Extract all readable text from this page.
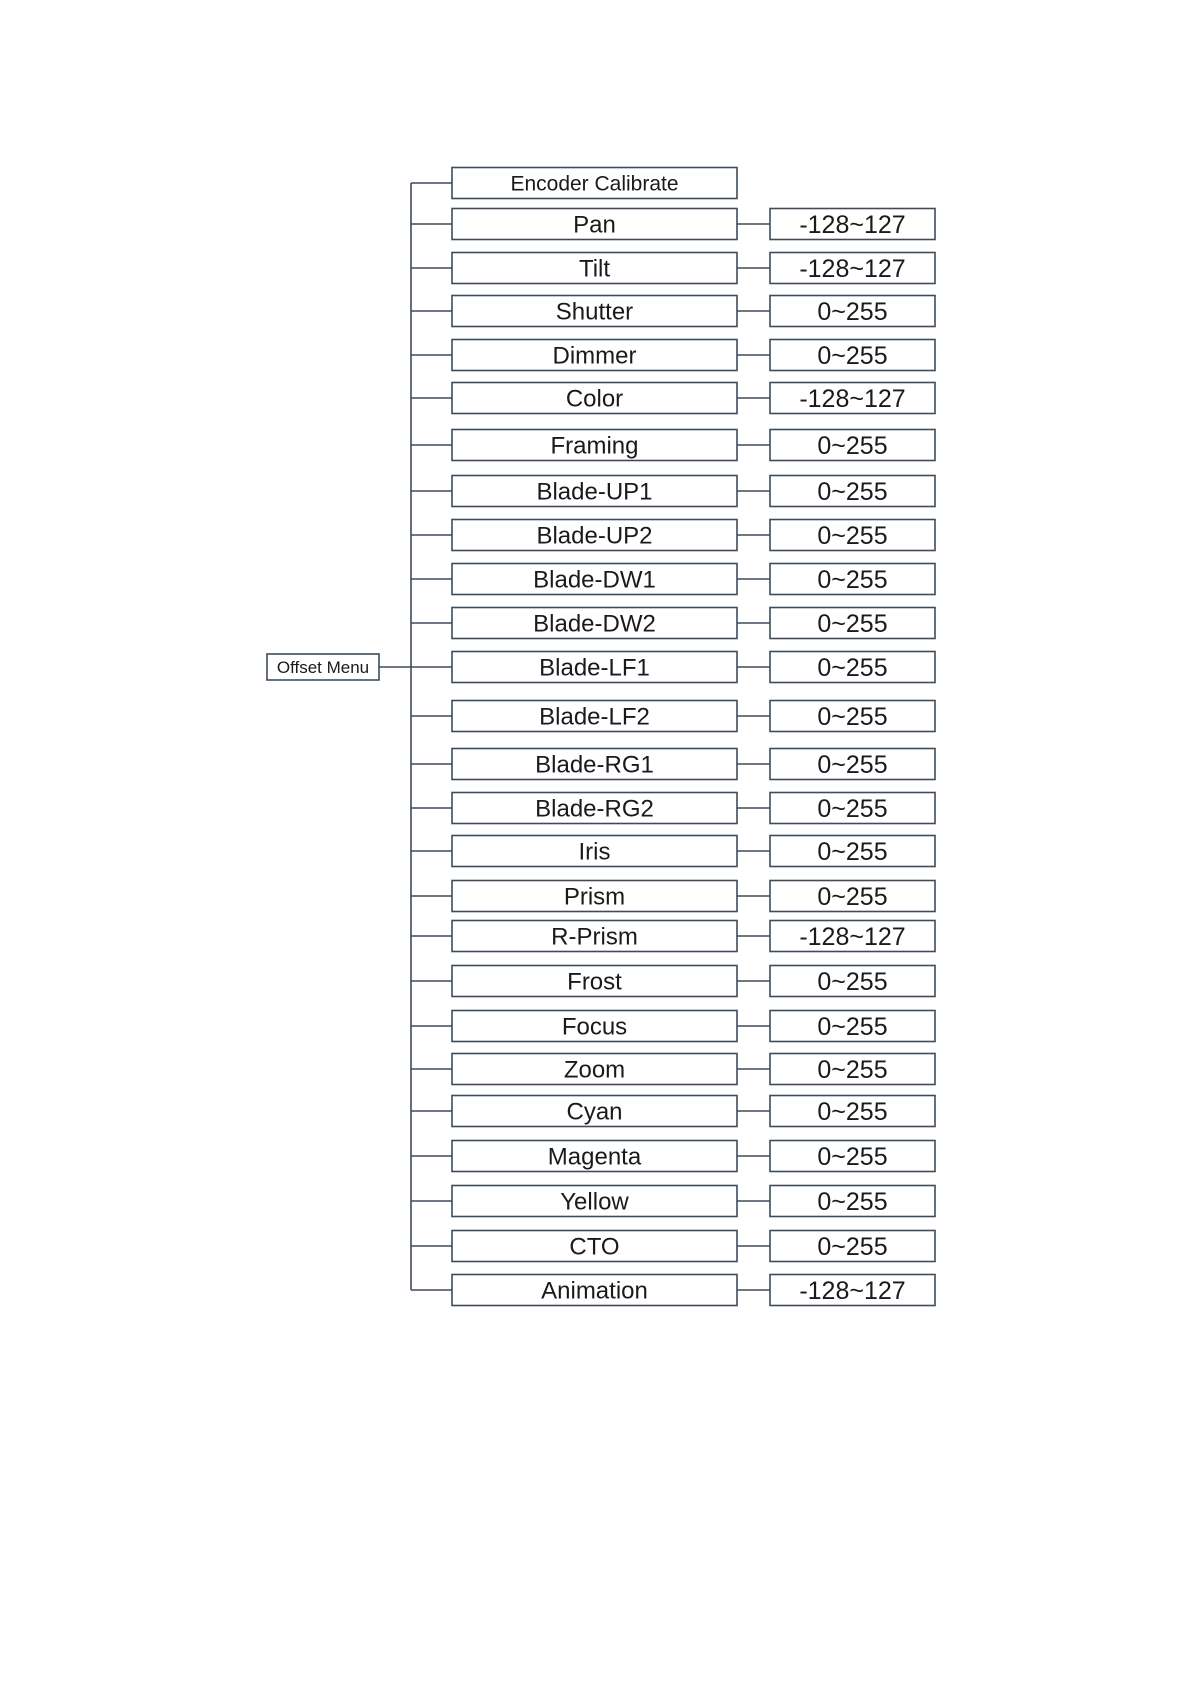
Offset Menu
Encoder Calibrate
Pan	-128~127
Tilt	-128~127
Shutter	0~255
Dimmer	0~255
Color	-128~127
Framing	0~255
Blade-UP1	0~255
Blade-UP2	0~255
Blade-DW1	0~255
Blade-DW2	0~255
Blade-LF1	0~255
Blade-LF2	0~255
Blade-RG1	0~255
Blade-RG2	0~255
Iris	0~255
Prism	0~255
R-Prism	-128~127
Frost	0~255
Focus	0~255
Zoom	0~255
Cyan	0~255
Magenta	0~255
Yellow	0~255
CTO	0~255
Animation	-128~127
